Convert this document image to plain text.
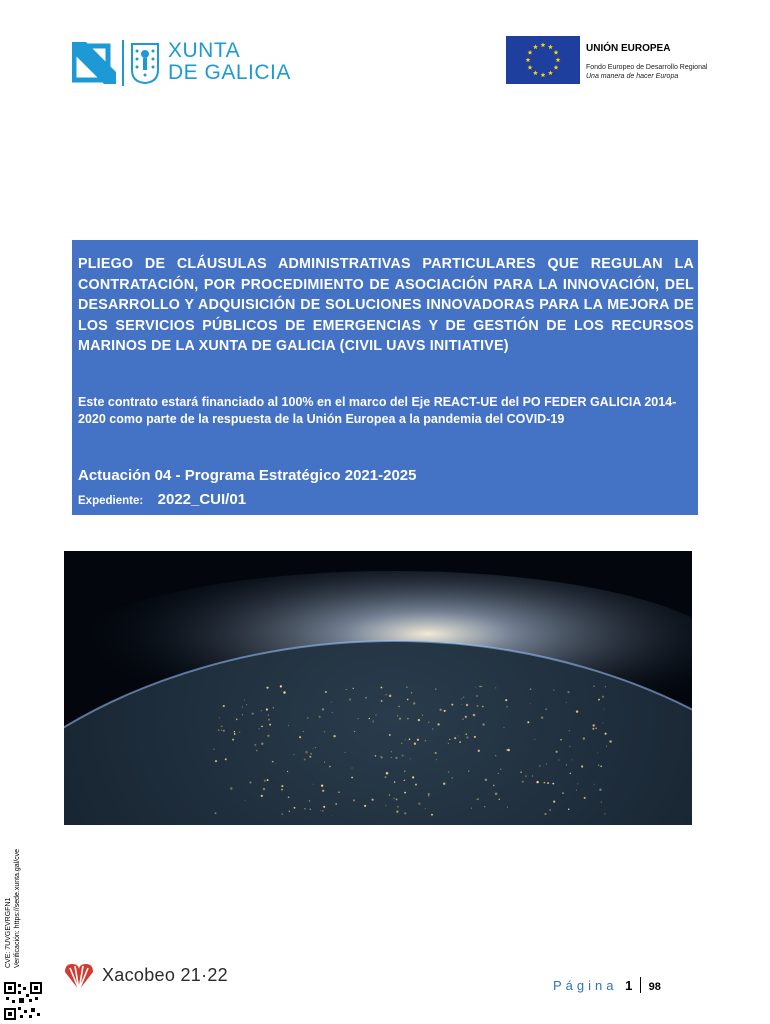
XUNTA
DE GALICIA
UNIÓN EUROPEA
Fondo Europeo de Desarrollo Regional
Una manera de hacer Europa
PLIEGO DE CLÁUSULAS ADMINISTRATIVAS PARTICULARES QUE REGULAN LA CONTRATACIÓN, POR PROCEDIMIENTO DE ASOCIACIÓN PARA LA INNOVACIÓN, DEL DESARROLLO Y ADQUISICIÓN DE SOLUCIONES INNOVADORAS PARA LA MEJORA DE LOS SERVICIOS PÚBLICOS DE EMERGENCIAS Y DE GESTIÓN DE LOS RECURSOS MARINOS DE LA XUNTA DE GALICIA (CIVIL UAVS INITIATIVE)
Este contrato estará financiado al 100% en el marco del Eje REACT-UE del PO FEDER GALICIA 2014-2020 como parte de la respuesta de la Unión Europea a la pandemia del COVID-19
Actuación 04 - Programa Estratégico 2021-2025
Expediente: 2022_CUI/01
CVE: 7UVGEVRGFN1 Verificación: https://sede.xunta.gal/cve
Xacobeo 21·22
Página 1 98
